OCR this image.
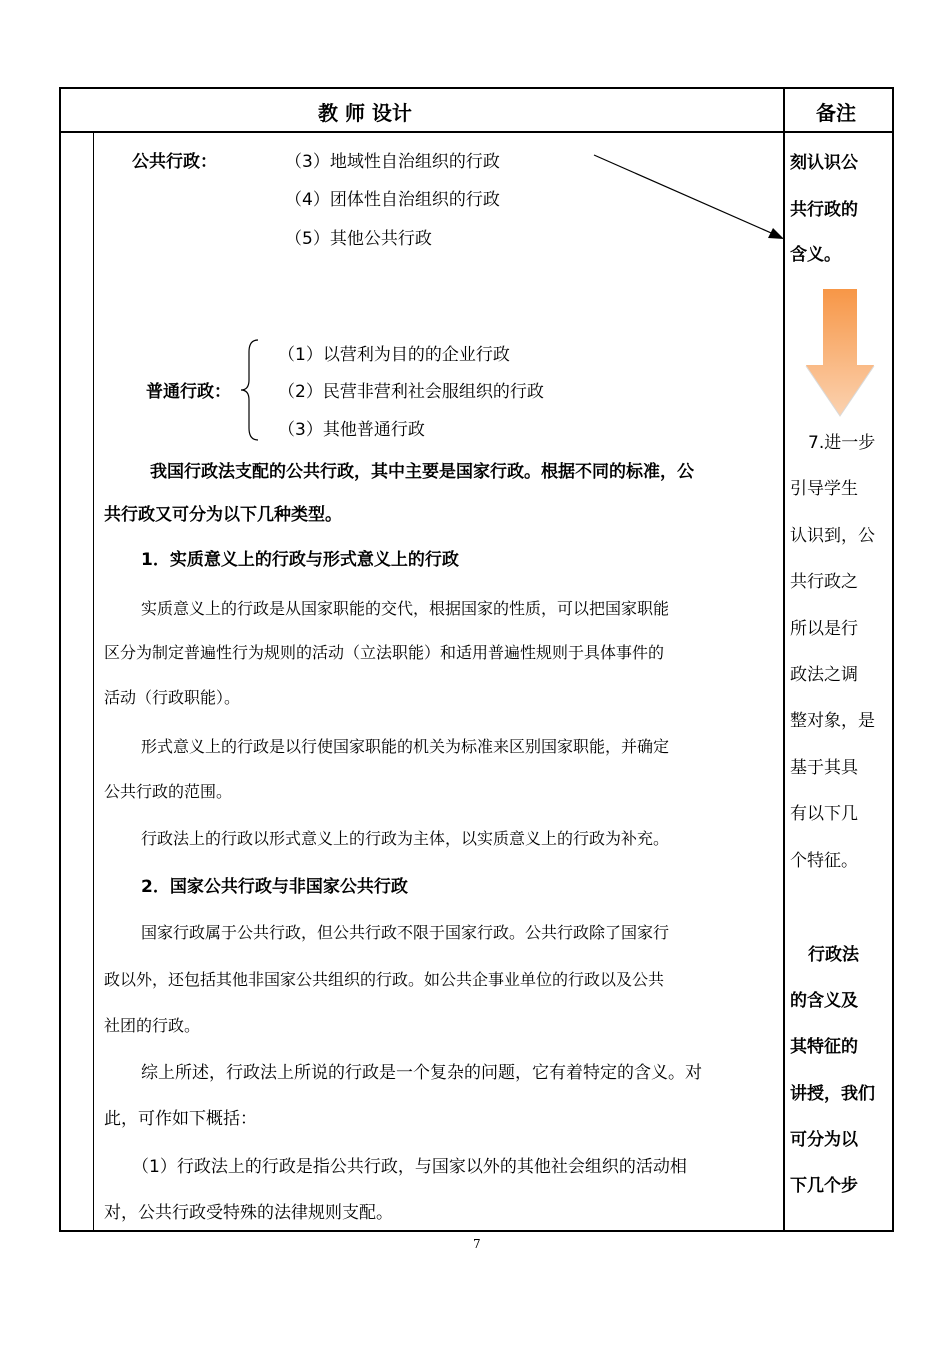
教 师 设计	备注
公共行政：	（3）地域性自治组织的行政
（4）团体性自治组织的行政
（5）其他公共行政
普通行政：
（1）以营利为目的的企业行政
（2）民营非营利社会服组织的行政
（3）其他普通行政
我国行政法支配的公共行政，其中主要是国家行政。根据不同的标准，公
共行政又可分为以下几种类型。
1．实质意义上的行政与形式意义上的行政
实质意义上的行政是从国家职能的交代，根据国家的性质，可以把国家职能
区分为制定普遍性行为规则的活动（立法职能）和适用普遍性规则于具体事件的
活动（行政职能）。
形式意义上的行政是以行使国家职能的机关为标准来区别国家职能，并确定
公共行政的范围。
行政法上的行政以形式意义上的行政为主体，以实质意义上的行政为补充。
2．国家公共行政与非国家公共行政
国家行政属于公共行政，但公共行政不限于国家行政。公共行政除了国家行
政以外，还包括其他非国家公共组织的行政。如公共企事业单位的行政以及公共
社团的行政。
综上所述，行政法上所说的行政是一个复杂的问题，它有着特定的含义。对
此，可作如下概括：
（1）行政法上的行政是指公共行政，与国家以外的其他社会组织的活动相
对，公共行政受特殊的法律规则支配。
刻认识公
共行政的
含义。
7.进一步
引导学生
认识到，公
共行政之
所以是行
政法之调
整对象，是
基于其具
有以下几
个特征。
行政法
的含义及
其特征的
讲授，我们
可分为以
下几个步
7
